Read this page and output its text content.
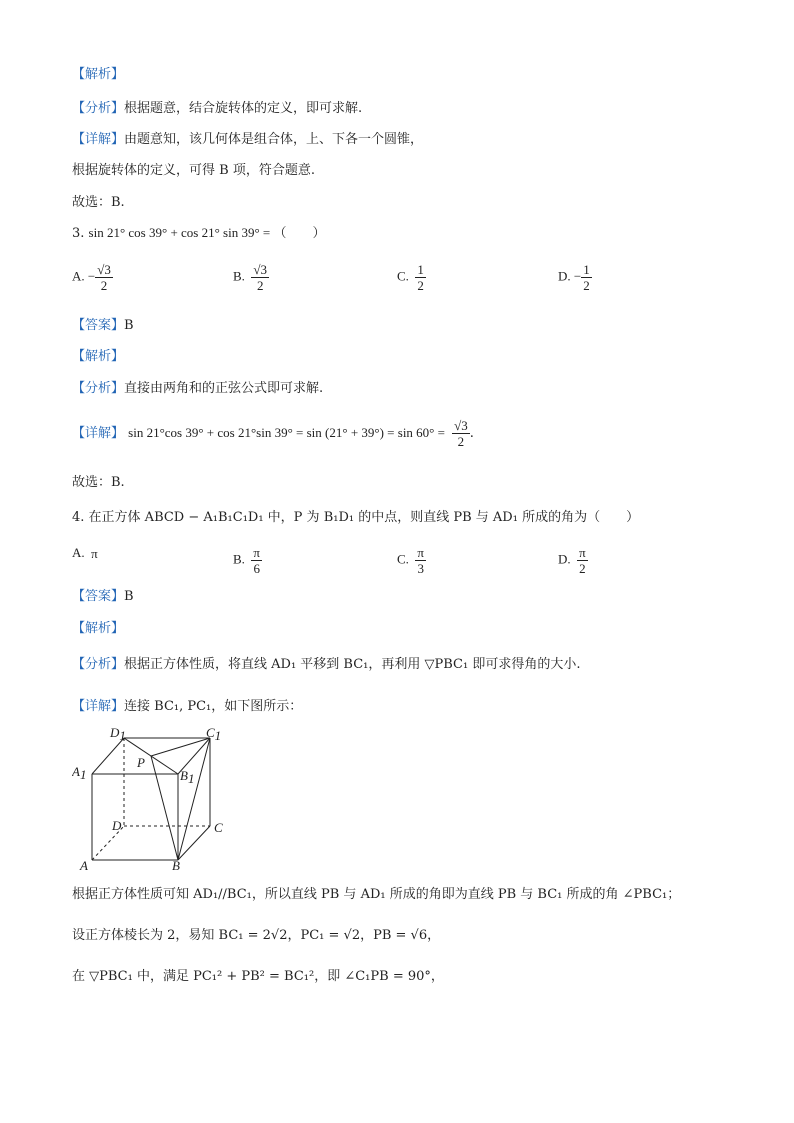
【解析】
【分析】根据题意，结合旋转体的定义，即可求解.
【详解】由题意知，该几何体是组合体，上、下各一个圆锥，
根据旋转体的定义，可得 B 项，符合题意.
故选：B.
3. sin 21° cos 39° + cos 21° sin 39° = （　　）
A. − $\frac{√3}{2}$	B. $\frac{√3}{2}$	C. $\frac{1}{2}$	D. − $\frac{1}{2}$
【答案】B
【解析】
【分析】直接由两角和的正弦公式即可求解.
【详解】 sin 21°cos 39° + cos 21°sin $39^\circ = \sin (21^\circ + 39^\circ) = \sin 60^\circ = \frac{√3}{2}$ .
故选：B.
4. 在正方体 ABCD − A₁B₁C₁D₁ 中，P 为 B₁D₁ 的中点，则直线 PB 与 AD₁ 所成的角为（　　）
A. π	B. $\frac{\pi}{6}$	C. $\frac{\pi}{3}$	D. $\frac{\pi}{2}$
【答案】B
【解析】
【分析】根据正方体性质，将直线 AD₁ 平移到 BC₁，再利用 ▽PBC₁ 即可求得角的大小.
【详解】连接 BC₁, PC₁，如下图所示：
D1	C1
A1	B1
P
D	C
A	B
根据正方体性质可知 AD₁//BC₁，所以直线 PB 与 AD₁ 所成的角即为直线 PB 与 BC₁ 所成的角 ∠PBC₁；
设正方体棱长为 2，易知 BC₁ = 2√2，PC₁ = √2，PB = √6，
在 ▽PBC₁ 中，满足 PC₁² + PB² = BC₁²，即 ∠C₁PB = 90°，
